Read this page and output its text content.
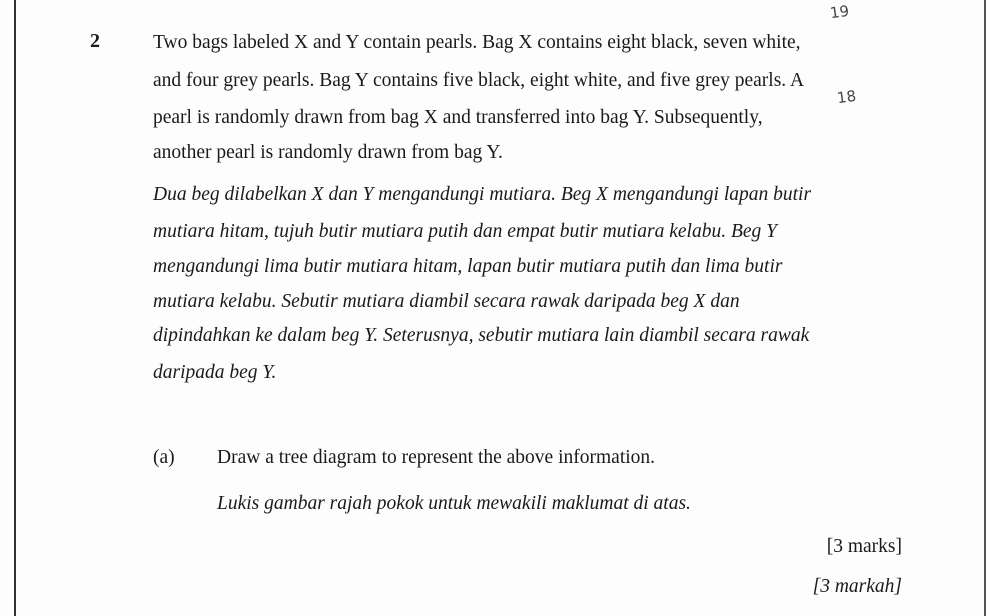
2
19
18
Two bags labeled X and Y contain pearls. Bag X contains eight black, seven white,
and four grey pearls. Bag Y contains five black, eight white, and five grey pearls. A
pearl is randomly drawn from bag X and transferred into bag Y. Subsequently,
another pearl is randomly drawn from bag Y.
Dua beg dilabelkan X dan Y mengandungi mutiara. Beg X mengandungi lapan butir
mutiara hitam, tujuh butir mutiara putih dan empat butir mutiara kelabu. Beg Y
mengandungi lima butir mutiara hitam, lapan butir mutiara putih dan lima butir
mutiara kelabu. Sebutir mutiara diambil secara rawak daripada beg X dan
dipindahkan ke dalam beg Y. Seterusnya, sebutir mutiara lain diambil secara rawak
daripada beg Y.
(a) Draw a tree diagram to represent the above information.
Lukis gambar rajah pokok untuk mewakili maklumat di atas.
[3 marks]
[3 markah]
